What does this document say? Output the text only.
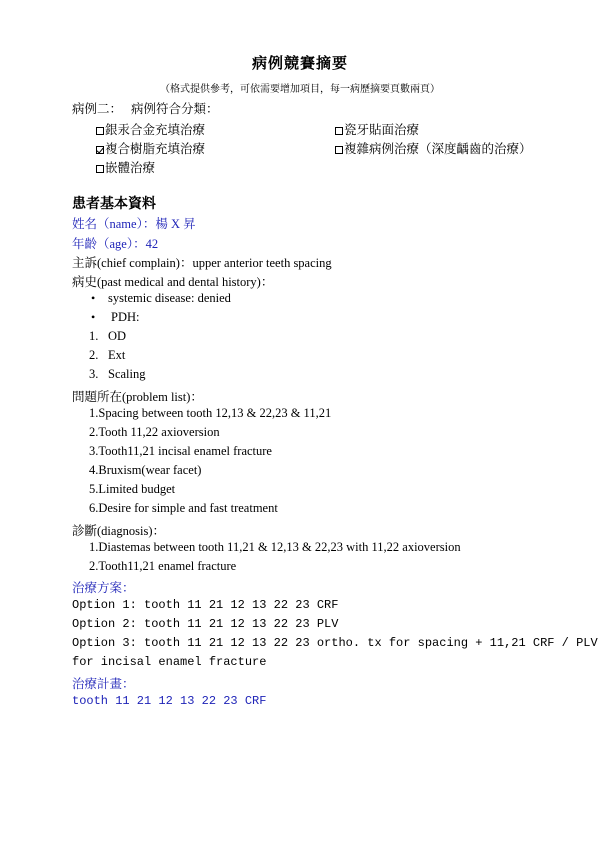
病例競賽摘要
（格式提供參考，可依需要增加項目，每一病歷摘要頁數兩頁）
病例二： 病例符合分類：
銀汞合金充填治療	瓷牙貼面治療
複合樹脂充填治療	複雜病例治療（深度齲齒的治療）
嵌體治療
患者基本資料
姓名（name）：楊 X 昇
年齡（age）：42
主訴(chief complain)：upper anterior teeth spacing
病史(past medical and dental history)：
• systemic disease: denied
• PDH:
1. OD
2. Ext
3. Scaling
問題所在(problem list)：
1.Spacing between tooth 12,13 & 22,23 & 11,21
2.Tooth 11,22 axioversion
3.Tooth11,21 incisal enamel fracture
4.Bruxism(wear facet)
5.Limited budget
6.Desire for simple and fast treatment
診斷(diagnosis)：
1.Diastemas between tooth 11,21 & 12,13 & 22,23 with 11,22 axioversion
2.Tooth11,21 enamel fracture
治療方案：
Option 1: tooth 11 21 12 13 22 23 CRF
Option 2: tooth 11 21 12 13 22 23 PLV
Option 3: tooth 11 21 12 13 22 23 ortho. tx for spacing + 11,21 CRF / PLV
for incisal enamel fracture
治療計畫：
tooth 11 21 12 13 22 23 CRF
